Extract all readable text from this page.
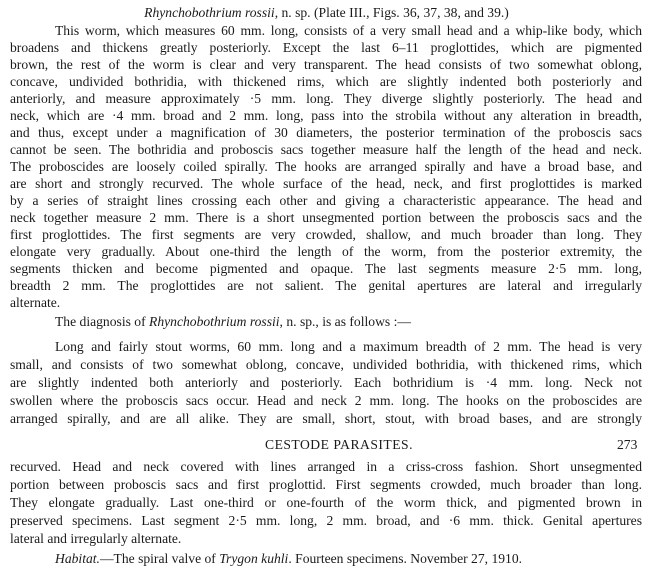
Rhynchobothrium rossii, n. sp. (Plate III., Figs. 36, 37, 38, and 39.)
This worm, which measures 60 mm. long, consists of a very small head and a whip-like body, which
broadens and thickens greatly posteriorly. Except the last 6–11 proglottides, which are pigmented
brown, the rest of the worm is clear and very transparent. The head consists of two somewhat oblong,
concave, undivided bothridia, with thickened rims, which are slightly indented both posteriorly and
anteriorly, and measure approximately ·5 mm. long. They diverge slightly posteriorly. The head and
neck, which are ·4 mm. broad and 2 mm. long, pass into the strobila without any alteration in breadth,
and thus, except under a magnification of 30 diameters, the posterior termination of the proboscis sacs
cannot be seen. The bothridia and proboscis sacs together measure half the length of the head and neck.
The proboscides are loosely coiled spirally. The hooks are arranged spirally and have a broad base, and
are short and strongly recurved. The whole surface of the head, neck, and first proglottides is marked
by a series of straight lines crossing each other and giving a characteristic appearance. The head and
neck together measure 2 mm. There is a short unsegmented portion between the proboscis sacs and the
first proglottides. The first segments are very crowded, shallow, and much broader than long. They
elongate very gradually. About one-third the length of the worm, from the posterior extremity, the
segments thicken and become pigmented and opaque. The last segments measure 2·5 mm. long,
breadth 2 mm. The proglottides are not salient. The genital apertures are lateral and irregularly
alternate.
The diagnosis of Rhynchobothrium rossii, n. sp., is as follows :—
Long and fairly stout worms, 60 mm. long and a maximum breadth of 2 mm. The head is very
small, and consists of two somewhat oblong, concave, undivided bothridia, with thickened rims, which
are slightly indented both anteriorly and posteriorly. Each bothridium is ·4 mm. long. Neck not
swollen where the proboscis sacs occur. Head and neck 2 mm. long. The hooks on the proboscides are
arranged spirally, and are all alike. They are small, short, stout, with broad bases, and are strongly
CESTODE PARASITES.	273
recurved. Head and neck covered with lines arranged in a criss-cross fashion. Short unsegmented
portion between proboscis sacs and first proglottid. First segments crowded, much broader than long.
They elongate gradually. Last one-third or one-fourth of the worm thick, and pigmented brown in
preserved specimens. Last segment 2·5 mm. long, 2 mm. broad, and ·6 mm. thick. Genital apertures
lateral and irregularly alternate.
Habitat.—The spiral valve of Trygon kuhli. Fourteen specimens. November 27, 1910.
